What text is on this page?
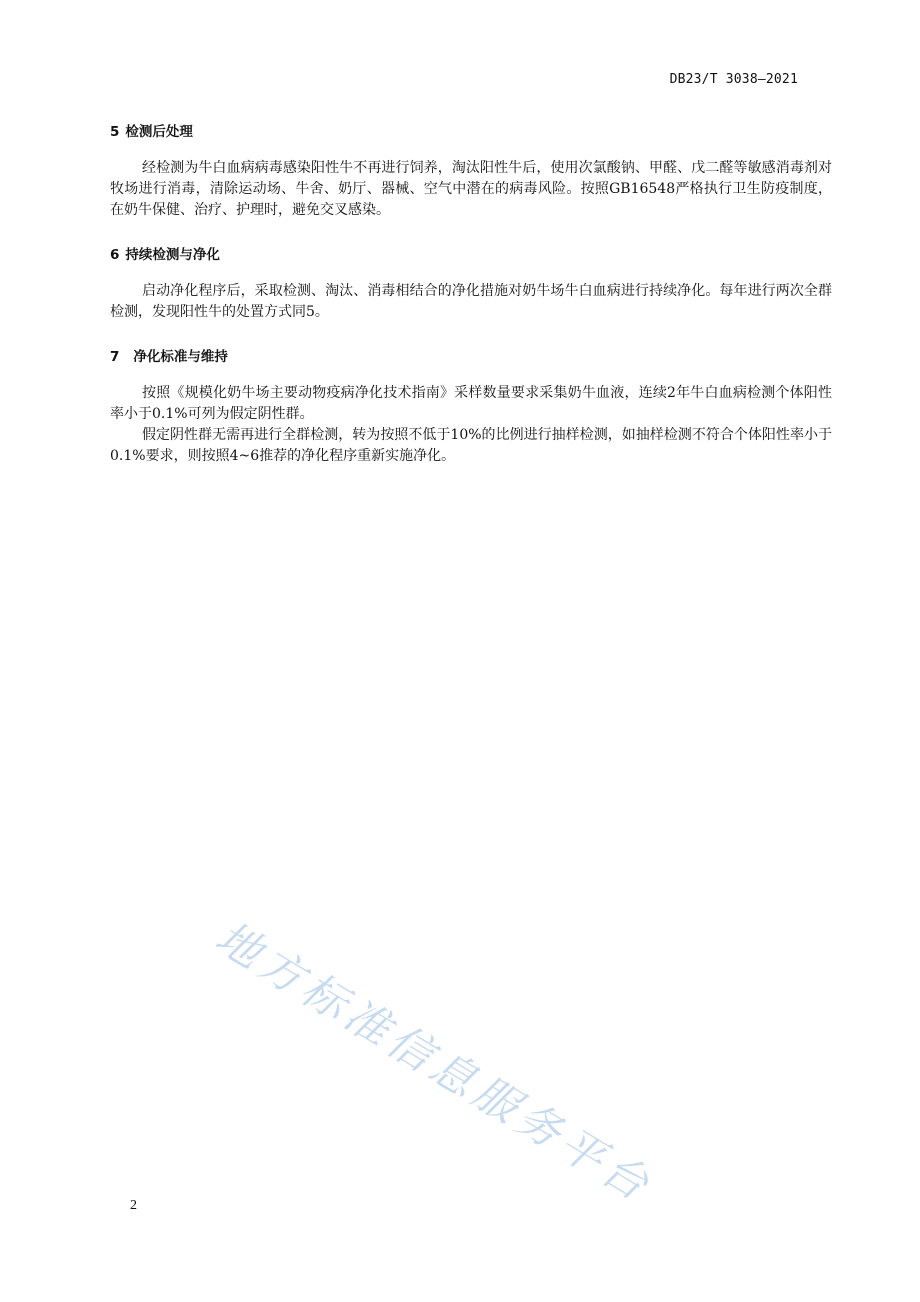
DB23/T 3038—2021
5 检测后处理

经检测为牛白血病病毒感染阳性牛不再进行饲养，淘汰阳性牛后，使用次氯酸钠、甲醛、戊二醛等敏感消毒剂对牧场进行消毒，清除运动场、牛舍、奶厅、器械、空气中潜在的病毒风险。按照GB16548严格执行卫生防疫制度，在奶牛保健、治疗、护理时，避免交叉感染。

6 持续检测与净化

启动净化程序后，采取检测、淘汰、消毒相结合的净化措施对奶牛场牛白血病进行持续净化。每年进行两次全群检测，发现阳性牛的处置方式同5。

7 净化标准与维持

按照《规模化奶牛场主要动物疫病净化技术指南》采样数量要求采集奶牛血液，连续2年牛白血病检测个体阳性率小于0.1%可列为假定阴性群。

假定阴性群无需再进行全群检测，转为按照不低于10%的比例进行抽样检测，如抽样检测不符合个体阳性率小于0.1%要求，则按照4~6推荐的净化程序重新实施净化。

地方标准信息服务平台
2
